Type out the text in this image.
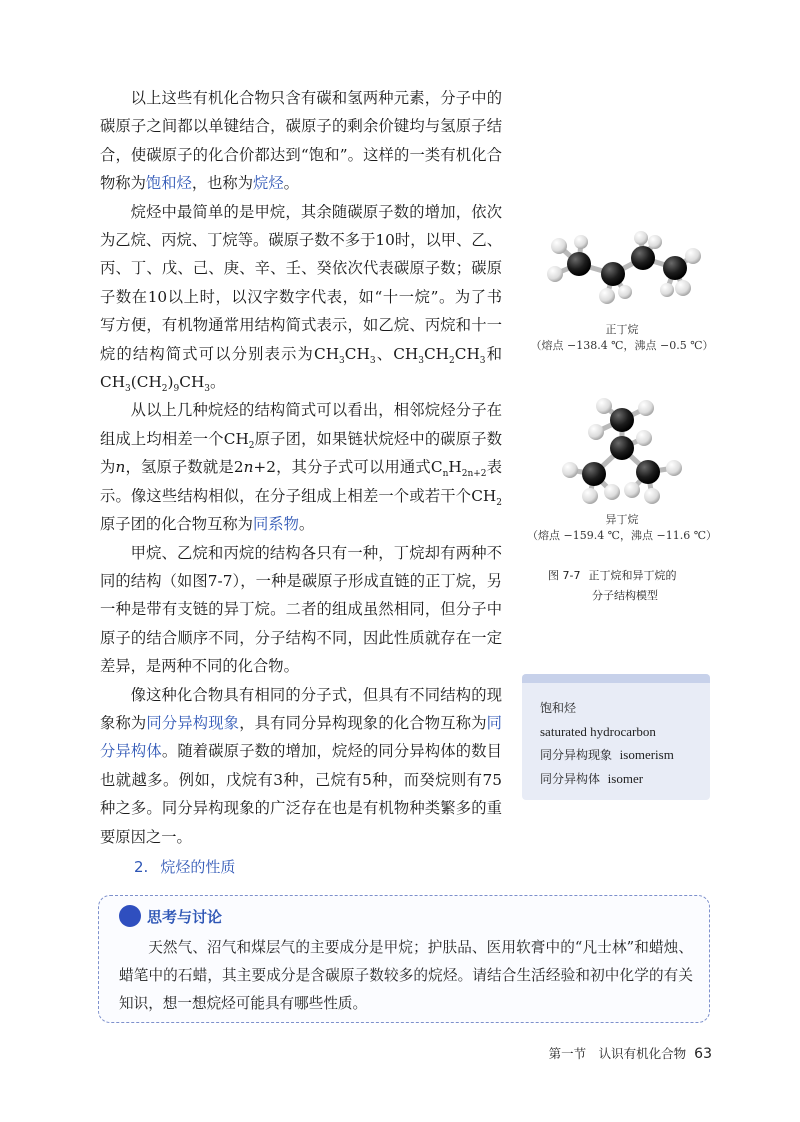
以上这些有机化合物只含有碳和氢两种元素，分子中的碳原子之间都以单键结合，碳原子的剩余价键均与氢原子结合，使碳原子的化合价都达到“饱和”。这样的一类有机化合物称为饱和烃，也称为烷烃。

烷烃中最简单的是甲烷，其余随碳原子数的增加，依次为乙烷、丙烷、丁烷等。碳原子数不多于10时，以甲、乙、丙、丁、戊、己、庚、辛、壬、癸依次代表碳原子数；碳原子数在10以上时，以汉字数字代表，如“十一烷”。为了书写方便，有机物通常用结构简式表示，如乙烷、丙烷和十一烷的结构简式可以分别表示为$CH_3CH_3$、$CH_3CH_2CH_3$和$CH_3(CH_2)_9CH_3$。

从以上几种烷烃的结构简式可以看出，相邻烷烃分子在组成上均相差一个$CH_2$原子团，如果链状烷烃中的碳原子数为n，氢原子数就是2n+2，其分子式可以用通式$C_nH_{2n+2}$表示。像这些结构相似，在分子组成上相差一个或若干个$CH_2$原子团的化合物互称为同系物。

甲烷、乙烷和丙烷的结构各只有一种，丁烷却有两种不同的结构（如图7-7），一种是碳原子形成直链的正丁烷，另一种是带有支链的异丁烷。二者的组成虽然相同，但分子中原子的结合顺序不同，分子结构不同，因此性质就存在一定差异，是两种不同的化合物。

像这种化合物具有相同的分子式，但具有不同结构的现象称为同分异构现象，具有同分异构现象的化合物互称为同分异构体。随着碳原子数的增加，烷烃的同分异构体的数目也就越多。例如，戊烷有3种，己烷有5种，而癸烷则有75种之多。同分异构现象的广泛存在也是有机物种类繁多的重要原因之一。

正丁烷
（熔点 −138.4 ℃，沸点 −0.5 ℃）
异丁烷
（熔点 −159.4 ℃，沸点 −11.6 ℃）
图 7-7 正丁烷和异丁烷的
分子结构模型
饱和烃
saturated hydrocarbon
同分异构现象 isomerism
同分异构体 isomer
2. 烷烃的性质
思考与讨论
天然气、沼气和煤层气的主要成分是甲烷；护肤品、医用软膏中的“凡士林”和蜡烛、蜡笔中的石蜡，其主要成分是含碳原子数较多的烷烃。请结合生活经验和初中化学的有关知识，想一想烷烃可能具有哪些性质。
第一节　认识有机化合物 63
